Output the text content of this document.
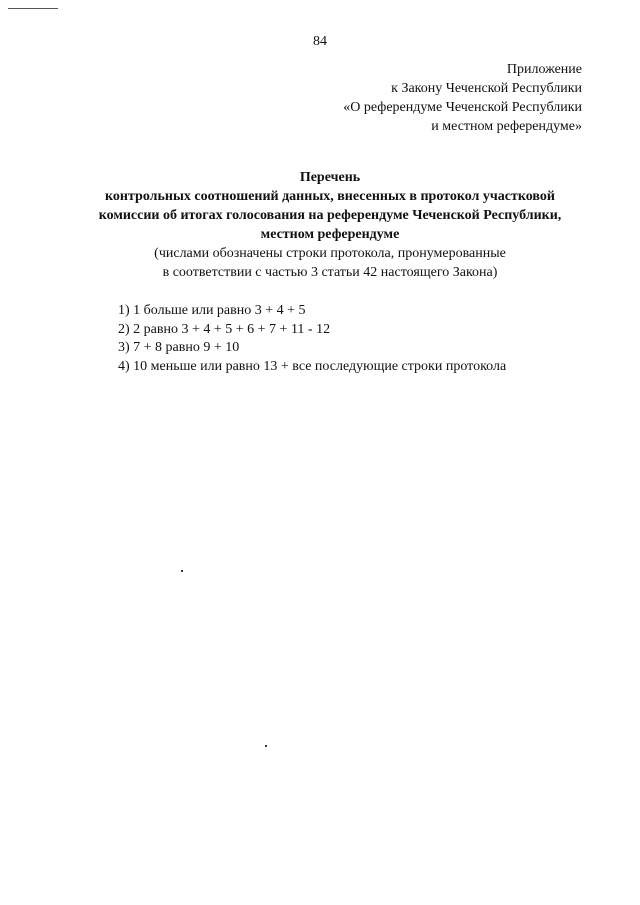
84
Приложение
к Закону Чеченской Республики
«О референдуме Чеченской Республики
и местном референдуме»
Перечень
контрольных соотношений данных, внесенных в протокол участковой
комиссии об итогах голосования на референдуме Чеченской Республики,
местном референдуме
(числами обозначены строки протокола, пронумерованные
в соответствии с частью 3 статьи 42 настоящего Закона)
1) 1 больше или равно 3 + 4 + 5
2) 2 равно 3 + 4 + 5 + 6 + 7 + 11 - 12
3) 7 + 8 равно 9 + 10
4) 10 меньше или равно 13 + все последующие строки протокола
